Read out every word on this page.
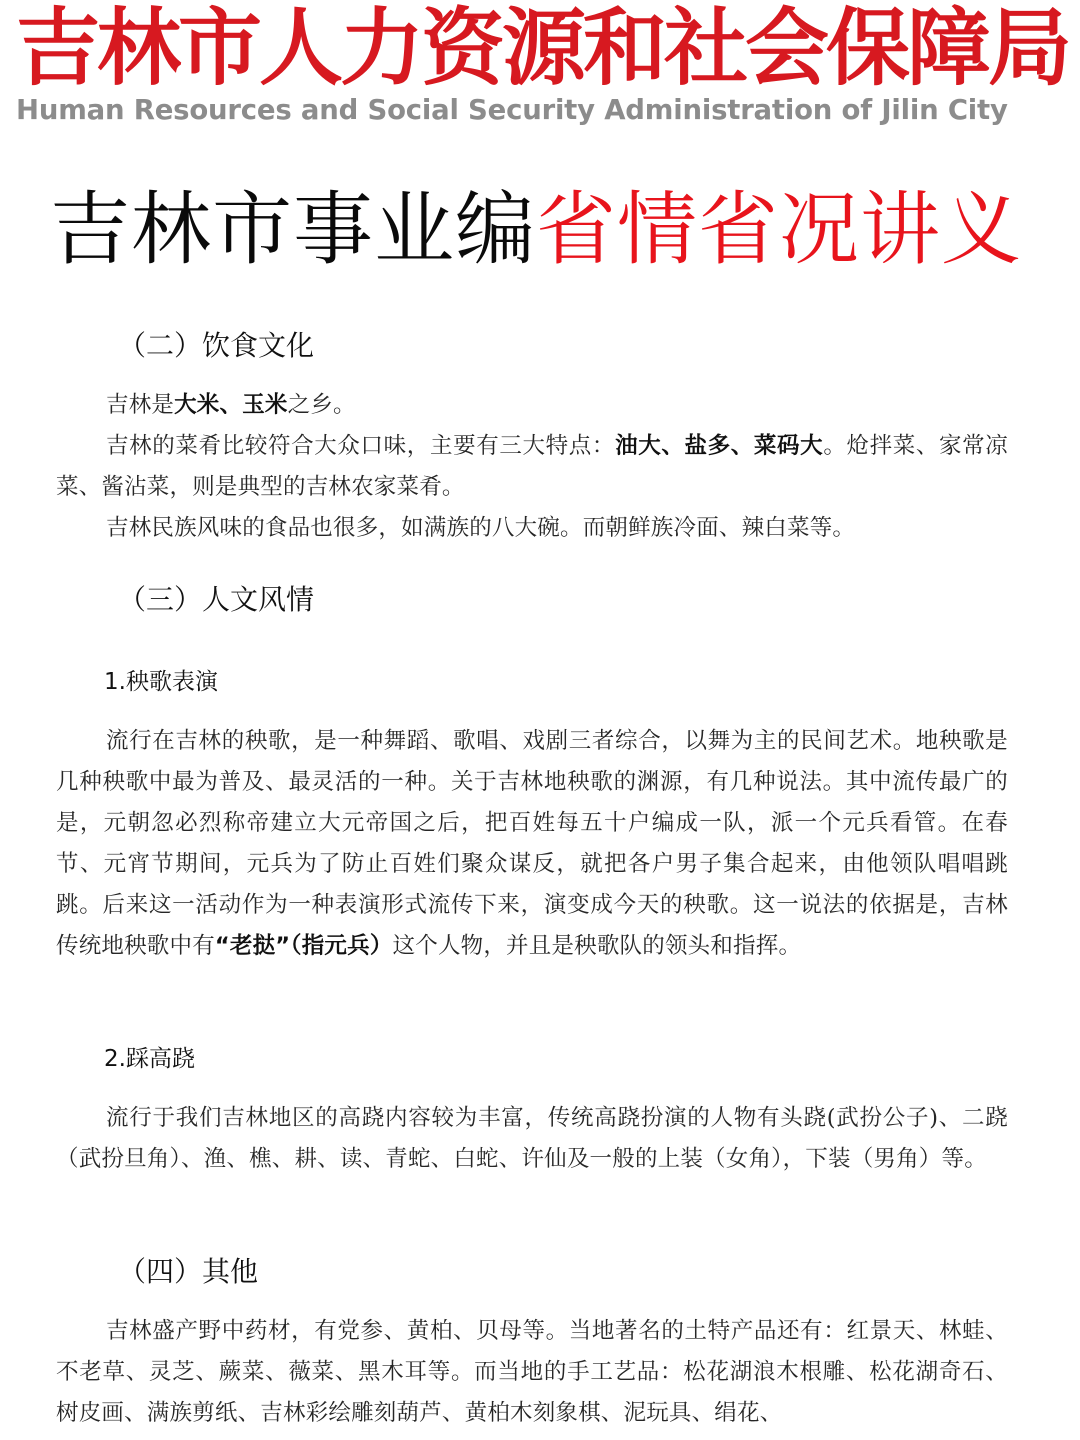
吉林市人力资源和社会保障局
Human Resources and Social Security Administration of Jilin City
吉林市事业编省情省况讲义
（二）饮食文化
吉林是大米、玉米之乡。
吉林的菜肴比较符合大众口味，主要有三大特点：油大、盐多、菜码大。炝拌菜、家常凉菜、酱沾菜，则是典型的吉林农家菜肴。
吉林民族风味的食品也很多，如满族的八大碗。而朝鲜族冷面、辣白菜等。
（三）人文风情
1.秧歌表演
流行在吉林的秧歌，是一种舞蹈、歌唱、戏剧三者综合，以舞为主的民间艺术。地秧歌是几种秧歌中最为普及、最灵活的一种。关于吉林地秧歌的渊源，有几种说法。其中流传最广的是，元朝忽必烈称帝建立大元帝国之后，把百姓每五十户编成一队，派一个元兵看管。在春节、元宵节期间，元兵为了防止百姓们聚众谋反，就把各户男子集合起来，由他领队唱唱跳跳。后来这一活动作为一种表演形式流传下来，演变成今天的秧歌。这一说法的依据是，吉林传统地秧歌中有“老挞”（指元兵）这个人物，并且是秧歌队的领头和指挥。
2.踩高跷
流行于我们吉林地区的高跷内容较为丰富，传统高跷扮演的人物有头跷(武扮公子)、二跷（武扮旦角）、渔、樵、耕、读、青蛇、白蛇、许仙及一般的上装（女角），下装（男角）等。
（四）其他
吉林盛产野中药材，有党参、黄柏、贝母等。当地著名的土特产品还有：红景天、林蛙、不老草、灵芝、蕨菜、薇菜、黑木耳等。而当地的手工艺品：松花湖浪木根雕、松花湖奇石、树皮画、满族剪纸、吉林彩绘雕刻葫芦、黄柏木刻象棋、泥玩具、绢花、
